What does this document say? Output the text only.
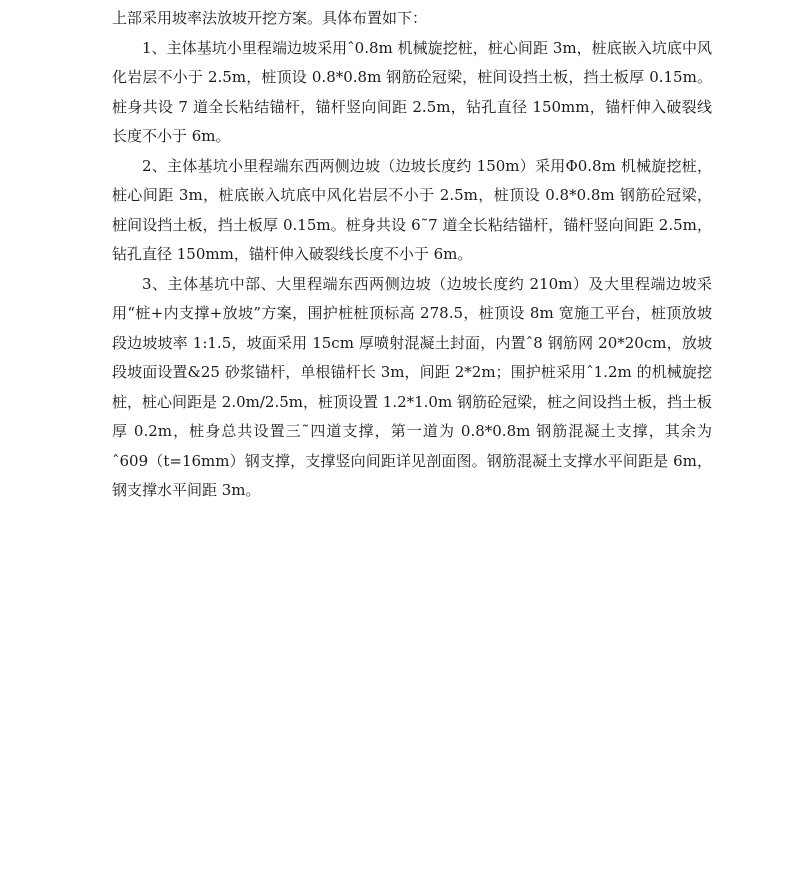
上部采用坡率法放坡开挖方案。具体布置如下：

1、主体基坑小里程端边坡采用ˆ0.8m 机械旋挖桩，桩心间距 3m，桩底嵌入坑底中风化岩层不小于 2.5m，桩顶设 0.8*0.8m 钢筋砼冠梁，桩间设挡土板，挡土板厚 0.15m。桩身共设 7 道全长粘结锚杆，锚杆竖向间距 2.5m，钻孔直径 150mm，锚杆伸入破裂线长度不小于 6m。

2、主体基坑小里程端东西两侧边坡（边坡长度约 150m）采用Φ0.8m 机械旋挖桩，桩心间距 3m，桩底嵌入坑底中风化岩层不小于 2.5m，桩顶设 0.8*0.8m 钢筋砼冠梁，桩间设挡土板，挡土板厚 0.15m。桩身共设 6˜7 道全长粘结锚杆，锚杆竖向间距 2.5m，钻孔直径 150mm，锚杆伸入破裂线长度不小于 6m。

3、主体基坑中部、大里程端东西两侧边坡（边坡长度约 210m）及大里程端边坡采用“桩+内支撑+放坡”方案，围护桩桩顶标高 278.5，桩顶设 8m 宽施工平台，桩顶放坡段边坡坡率 1:1.5，坡面采用 15cm 厚喷射混凝土封面，内置ˆ8 钢筋网 20*20cm，放坡段坡面设置&25 砂浆锚杆，单根锚杆长 3m，间距 2*2m；围护桩采用ˆ1.2m 的机械旋挖桩，桩心间距是 2.0m/2.5m，桩顶设置 1.2*1.0m 钢筋砼冠梁，桩之间设挡土板，挡土板厚 0.2m，桩身总共设置三˜四道支撑，第一道为 0.8*0.8m 钢筋混凝土支撑，其余为ˆ609（t=16mm）钢支撑，支撑竖向间距详见剖面图。钢筋混凝土支撑水平间距是 6m，钢支撑水平间距 3m。
